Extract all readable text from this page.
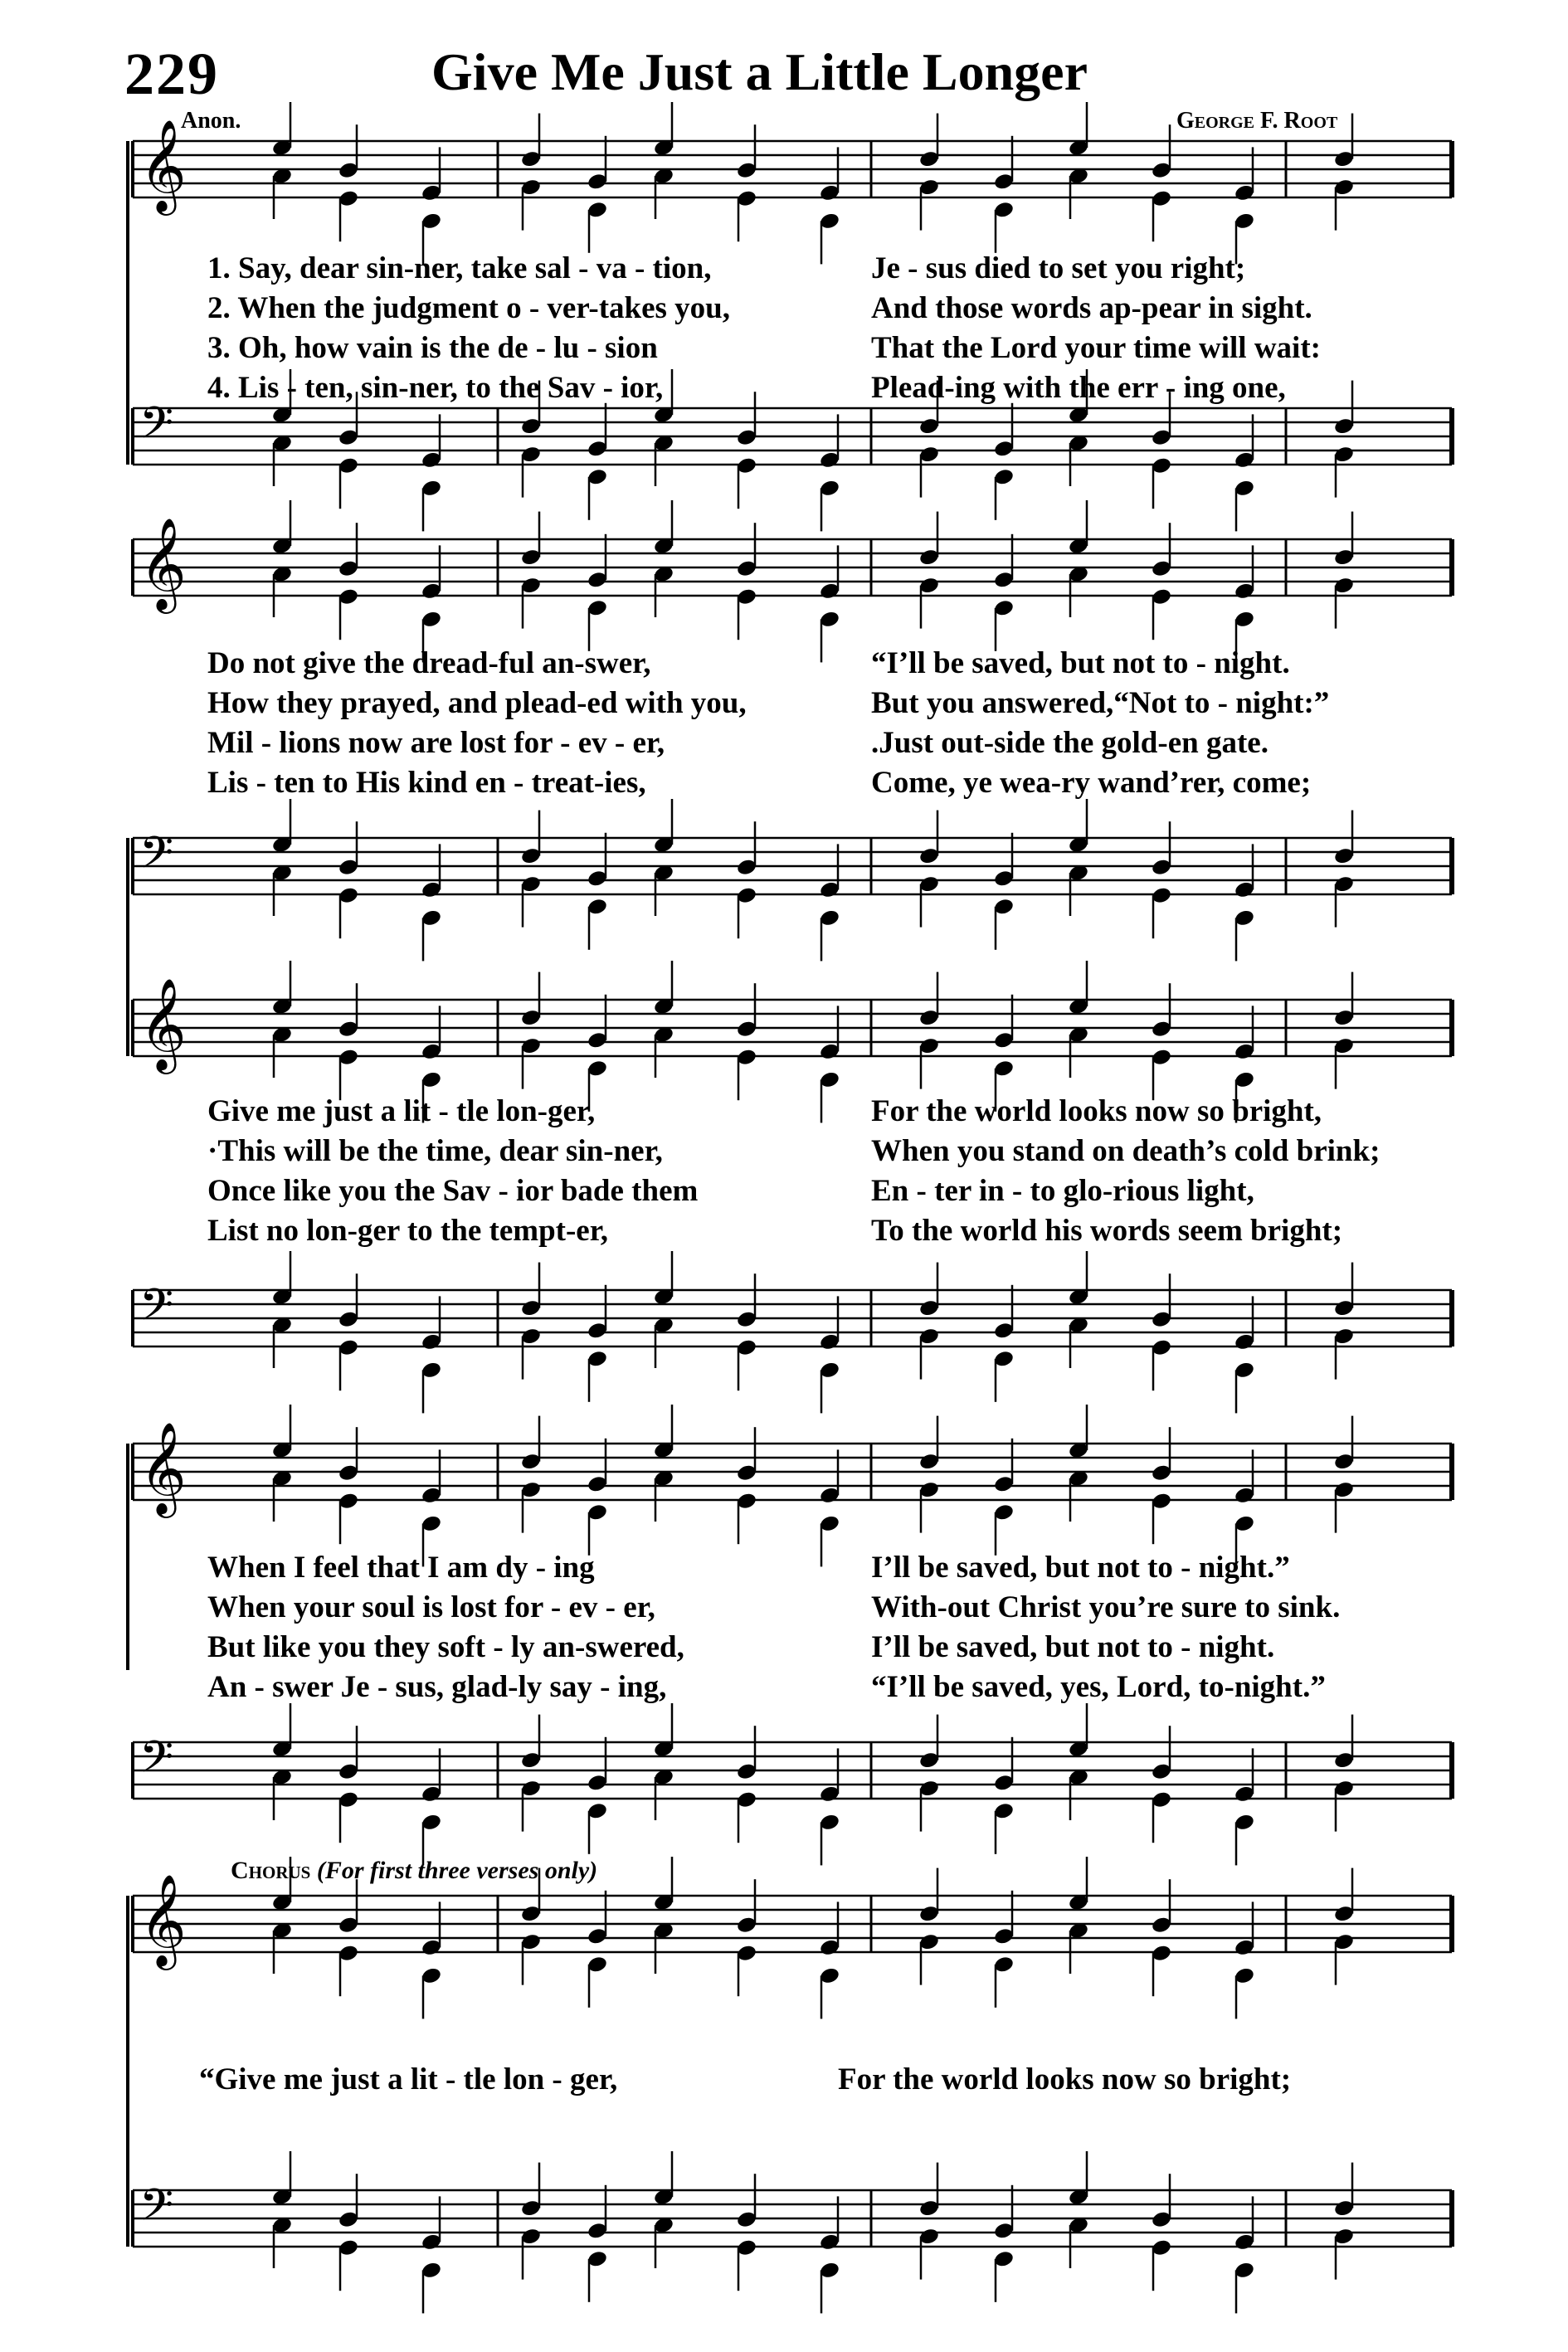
229	Give Me Just a Little Longer
Anon.	George F. Root
𝄞
𝄢
𝄞
𝄢
𝄞
𝄢
𝄞
𝄢
𝄞
𝄢
1. Say, dear sin-ner, take sal - va - tion,	Je - sus died to set you right;
2. When the judgment o - ver-takes you,	And those words ap-pear in sight.
3. Oh, how vain is the de - lu - sion	That the Lord your time will wait:
4. Lis - ten, sin-ner, to the Sav - ior,	Plead-ing with the err - ing one,
Do not give the dread-ful an-swer,	“I’ll be saved, but not to - night.
How they prayed, and plead-ed with you,	But you answered,“Not to - night:”
Mil - lions now are lost for - ev - er,	.Just out-side the gold-en gate.
Lis - ten to His kind en - treat-ies,	Come, ye wea-ry wand’rer, come;
Give me just a lit - tle lon-ger,	For the world looks now so bright,
·This will be the time, dear sin-ner,	When you stand on death’s cold brink;
Once like you the Sav - ior bade them	En - ter in - to glo-rious light,
List no lon-ger to the tempt-er,	To the world his words seem bright;
When I feel that I am dy - ing	I’ll be saved, but not to - night.”
When your soul is lost for - ev - er,	With-out Christ you’re sure to sink.
But like you they soft - ly an-swered,	I’ll be saved, but not to - night.
An - swer Je - sus, glad-ly say - ing,	“I’ll be saved, yes, Lord, to-night.”
Chorus (For first three verses only)
“Give me just a lit - tle lon - ger,	For the world looks now so bright;
